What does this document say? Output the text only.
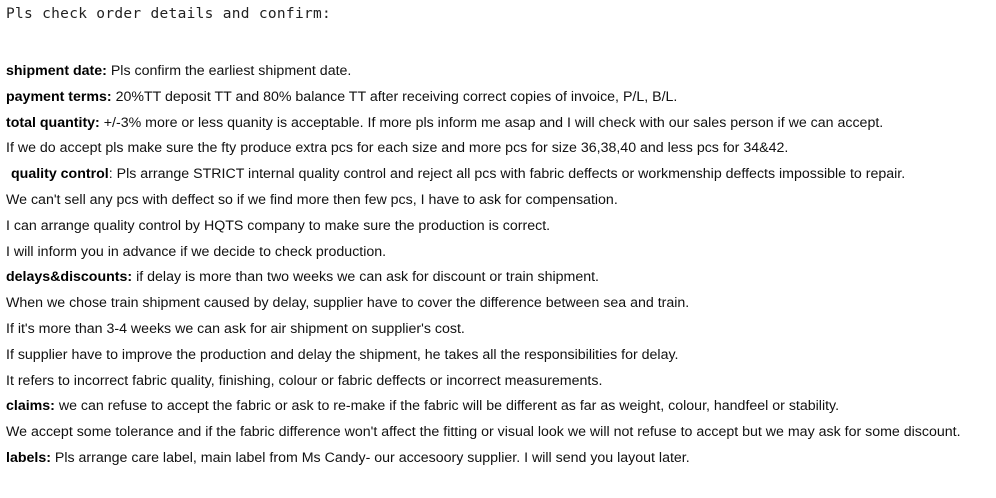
Pls check order details and confirm:
shipment date: Pls confirm the earliest shipment date.
payment terms: 20%TT deposit TT and 80% balance TT after receiving correct copies of invoice, P/L, B/L.
total quantity: +/-3% more or less quanity is acceptable. If more pls inform me asap and I will check with our sales person if we can accept.
If we do accept pls make sure the fty produce extra pcs for each size and more pcs for size 36,38,40 and less pcs for 34&42.
quality control: Pls arrange STRICT internal quality control and reject all pcs with fabric deffects or workmenship deffects impossible to repair.
We can't sell any pcs with deffect so if we find more then few pcs, I have to ask for compensation.
I can arrange quality control by HQTS company to make sure the production is correct.
I will inform you in advance if we decide to check production.
delays&discounts: if delay is more than two weeks we can ask for discount or train shipment.
When we chose train shipment caused by delay, supplier have to cover the difference between sea and train.
If it's more than 3-4 weeks we can ask for air shipment on supplier's cost.
If supplier have to improve the production and delay the shipment, he takes all the responsibilities for delay.
It refers to incorrect fabric quality, finishing, colour or fabric deffects or incorrect measurements.
claims: we can refuse to accept the fabric or ask to re-make if the fabric will be different as far as weight, colour, handfeel or stability.
We accept some tolerance and if the fabric difference won't affect the fitting or visual look we will not refuse to accept but we may ask for some discount.
labels: Pls arrange care label, main label from Ms Candy- our accesoory supplier. I will send you layout later.
